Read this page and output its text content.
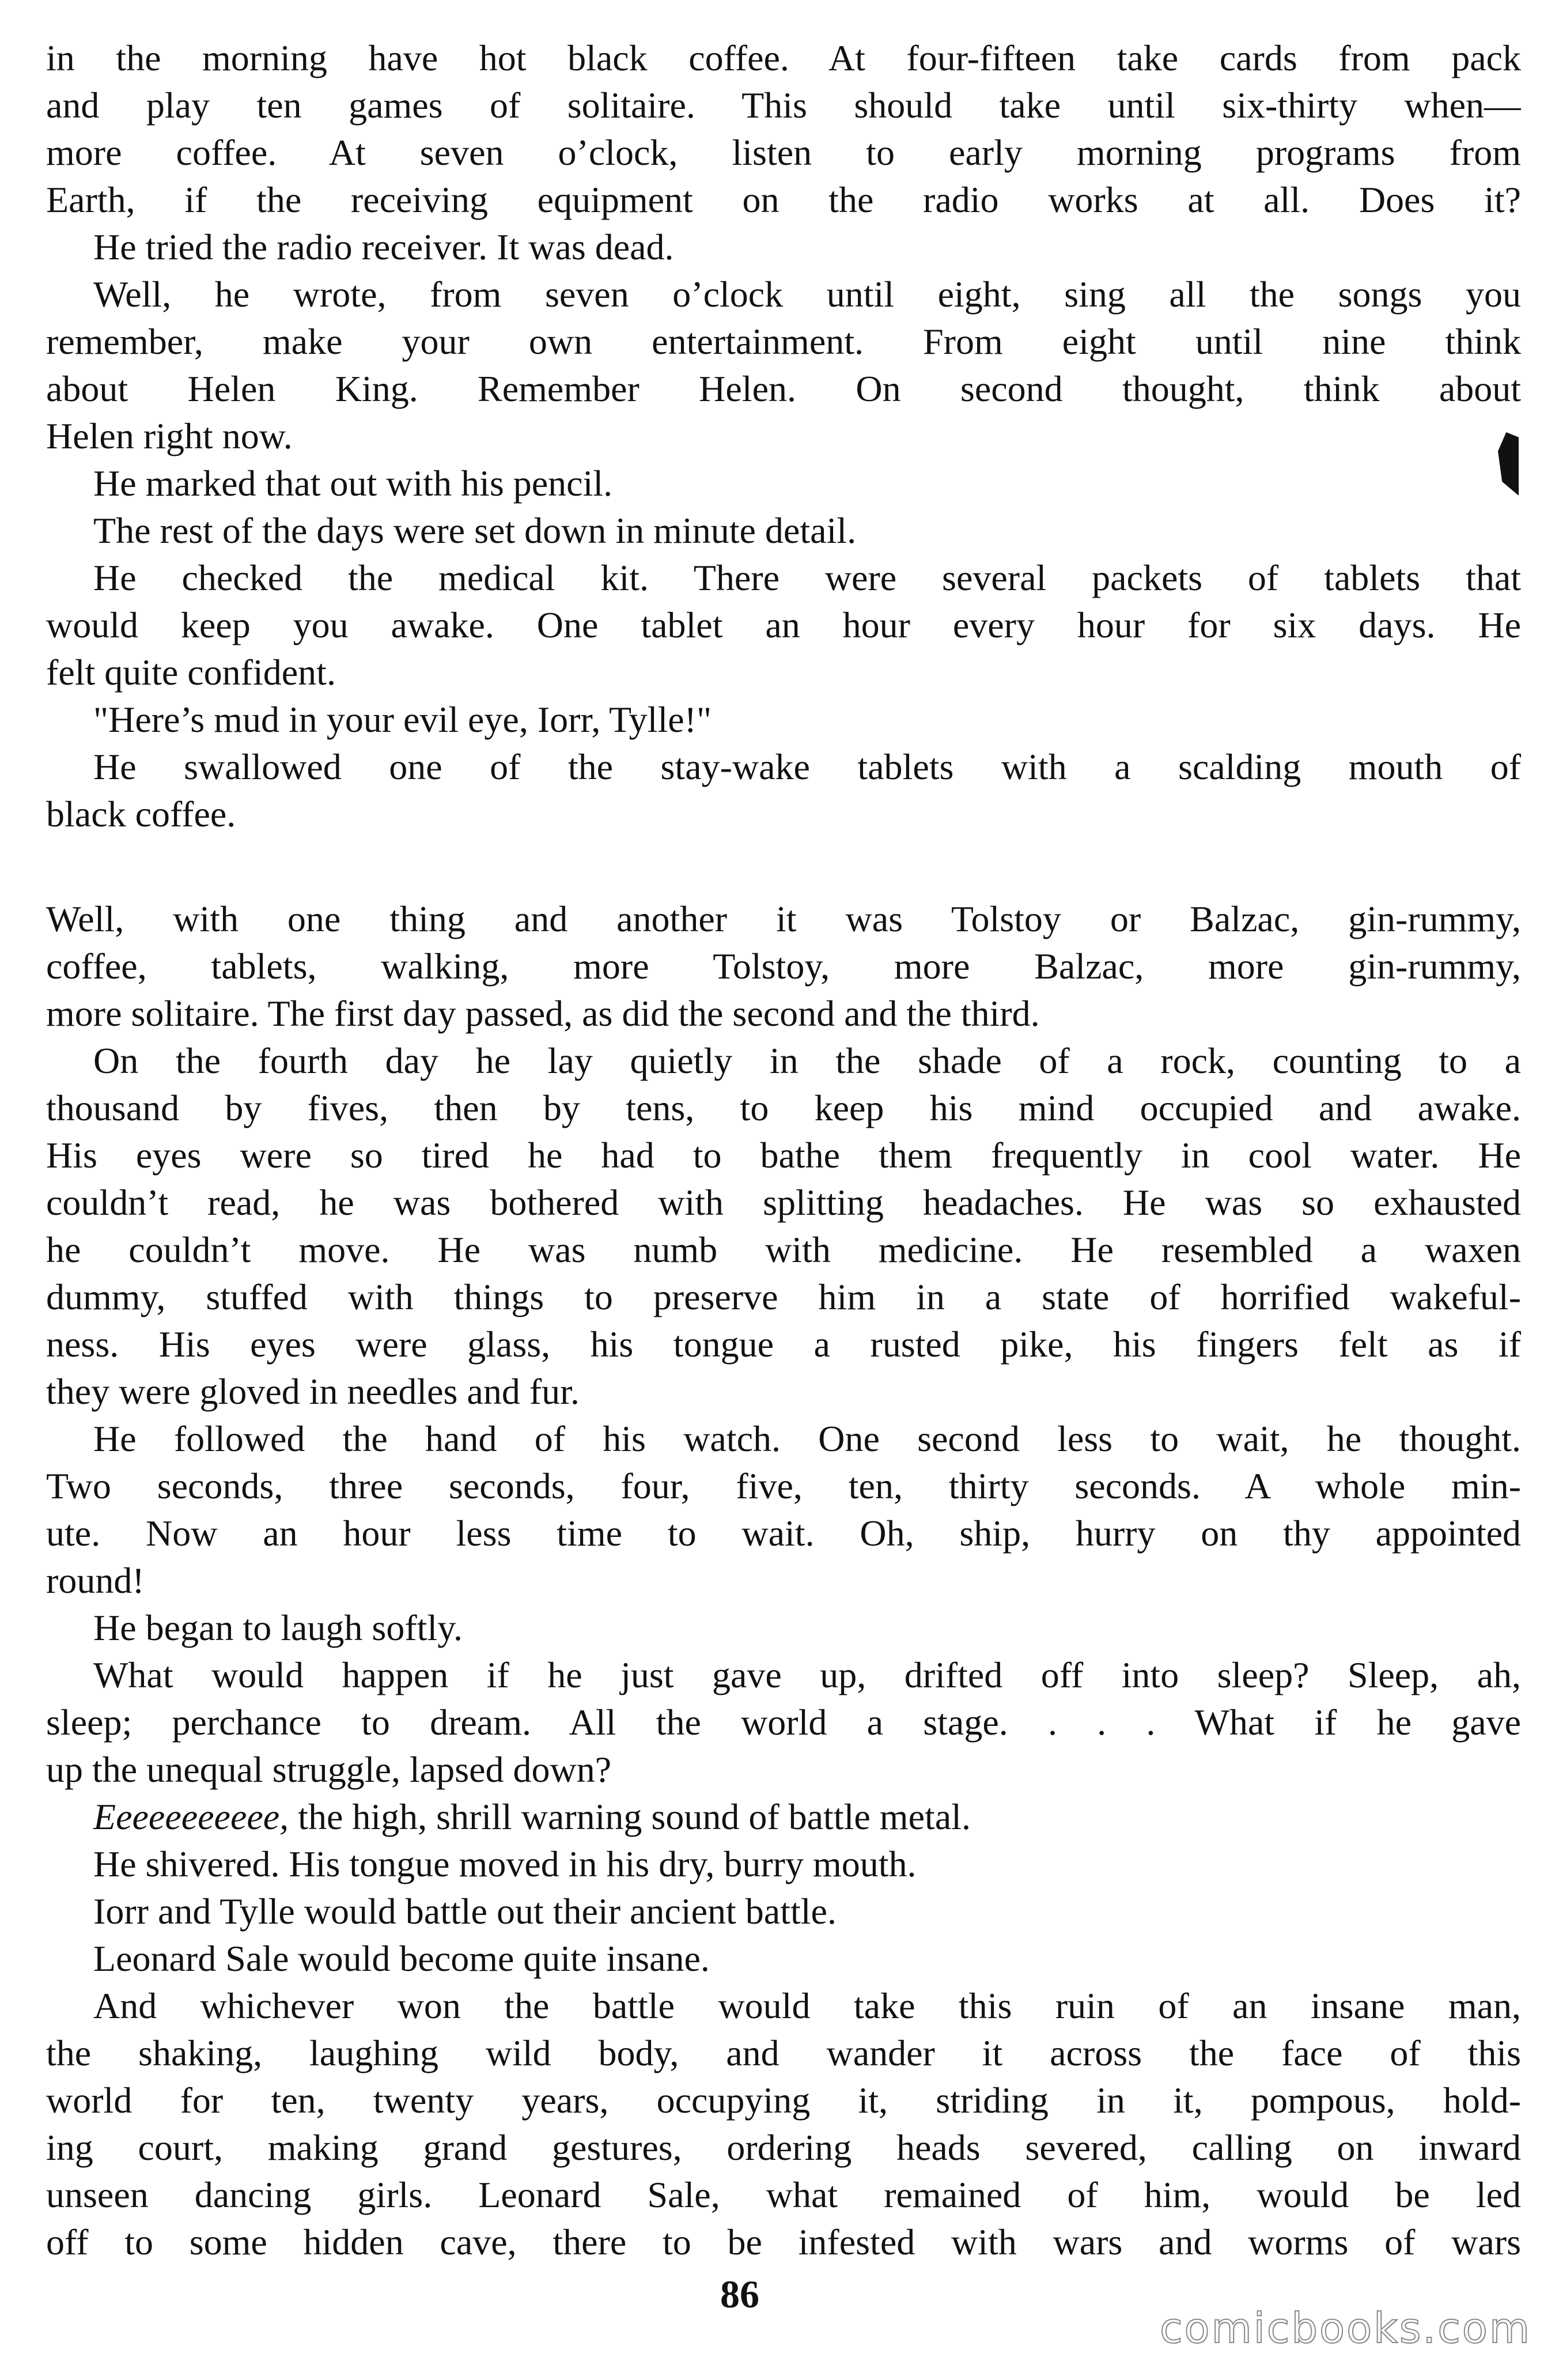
in the morning have hot black coffee. At four-fifteen take cards from pack
and play ten games of solitaire. This should take until six-thirty when—
more coffee. At seven o’clock, listen to early morning programs from
Earth, if the receiving equipment on the radio works at all. Does it?
He tried the radio receiver. It was dead.
Well, he wrote, from seven o’clock until eight, sing all the songs you
remember, make your own entertainment. From eight until nine think
about Helen King. Remember Helen. On second thought, think about
Helen right now.
He marked that out with his pencil.
The rest of the days were set down in minute detail.
He checked the medical kit. There were several packets of tablets that
would keep you awake. One tablet an hour every hour for six days. He
felt quite confident.
"Here’s mud in your evil eye, Iorr, Tylle!"
He swallowed one of the stay-wake tablets with a scalding mouth of
black coffee.
Well, with one thing and another it was Tolstoy or Balzac, gin-rummy,
coffee, tablets, walking, more Tolstoy, more Balzac, more gin-rummy,
more solitaire. The first day passed, as did the second and the third.
On the fourth day he lay quietly in the shade of a rock, counting to a
thousand by fives, then by tens, to keep his mind occupied and awake.
His eyes were so tired he had to bathe them frequently in cool water. He
couldn’t read, he was bothered with splitting headaches. He was so exhausted
he couldn’t move. He was numb with medicine. He resembled a waxen
dummy, stuffed with things to preserve him in a state of horrified wakeful-
ness. His eyes were glass, his tongue a rusted pike, his fingers felt as if
they were gloved in needles and fur.
He followed the hand of his watch. One second less to wait, he thought.
Two seconds, three seconds, four, five, ten, thirty seconds. A whole min-
ute. Now an hour less time to wait. Oh, ship, hurry on thy appointed
round!
He began to laugh softly.
What would happen if he just gave up, drifted off into sleep? Sleep, ah,
sleep; perchance to dream. All the world a stage. . . . What if he gave
up the unequal struggle, lapsed down?
Eeeeeeeeeee, the high, shrill warning sound of battle metal.
He shivered. His tongue moved in his dry, burry mouth.
Iorr and Tylle would battle out their ancient battle.
Leonard Sale would become quite insane.
And whichever won the battle would take this ruin of an insane man,
the shaking, laughing wild body, and wander it across the face of this
world for ten, twenty years, occupying it, striding in it, pompous, hold-
ing court, making grand gestures, ordering heads severed, calling on inward
unseen dancing girls. Leonard Sale, what remained of him, would be led
off to some hidden cave, there to be infested with wars and worms of wars
86
comicbooks.com
